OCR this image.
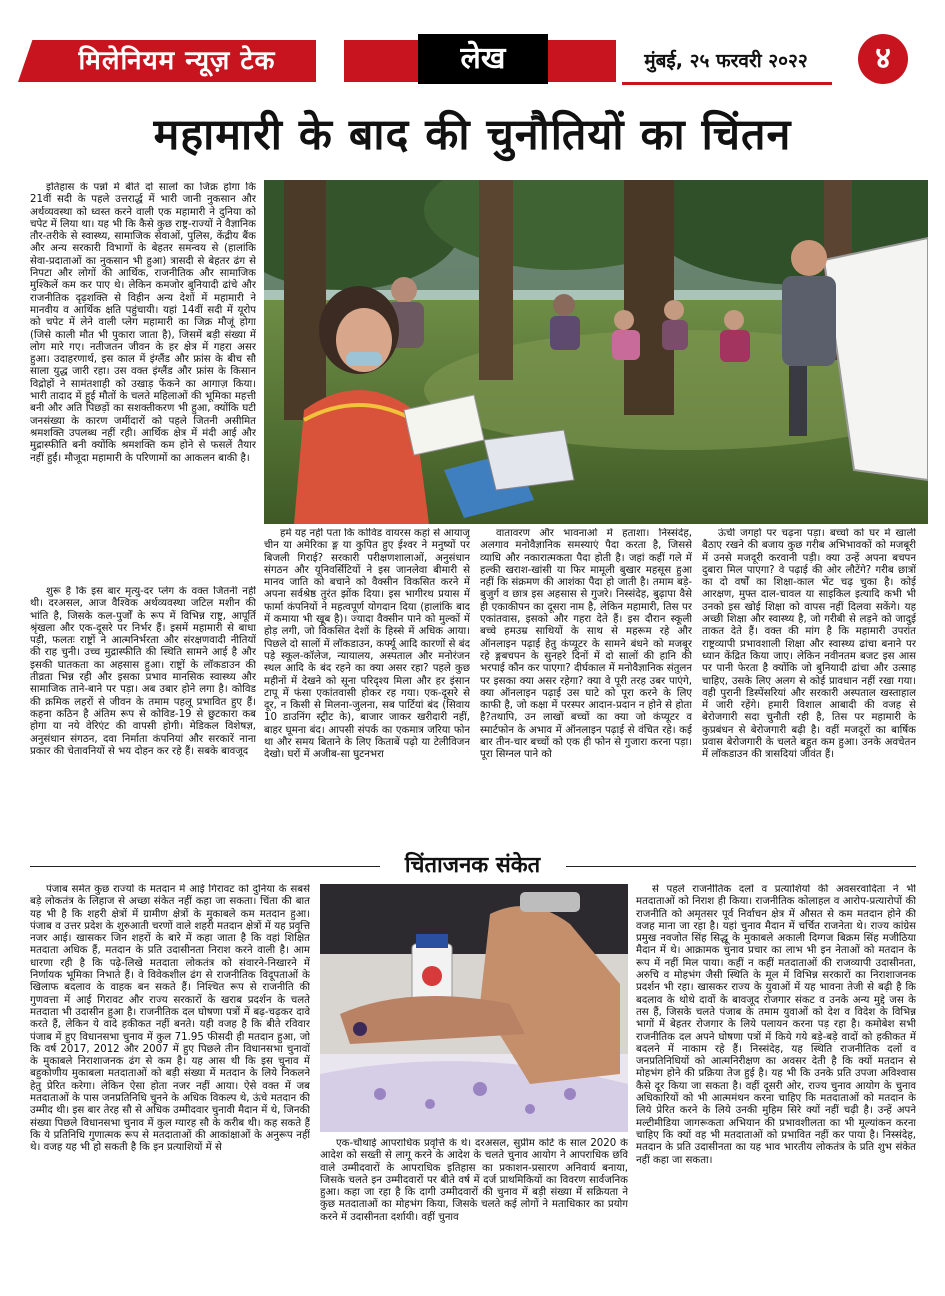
मिलेनियम न्यूज़ टेक	लेख	मुंबई, २५ फरवरी २०२२	४
महामारी के बाद की चुनौतियों का चिंतन

इतिहास के पन्नों में बीते दो सालों का जिक्र होगा कि 21वीं सदी के पहले उत्तरार्द्ध में भारी जानी नुकसान और अर्थव्यवस्था को ध्वस्त करने वाली एक महामारी ने दुनिया को चपेट में लिया था। यह भी कि कैसे कुछ राष्ट्र-राज्यों ने वैज्ञानिक तौर-तरीके से स्वास्थ्य, सामाजिक सेवाओं, पुलिस, केंद्रीय बैंक और अन्य सरकारी विभागों के बेहतर समन्वय से (हालांकि सेवा-प्रदाताओं का नुकसान भी हुआ) त्रासदी से बेहतर ढंग से निपटा और लोगों की आर्थिक, राजनीतिक और सामाजिक मुश्किलें कम कर पाए थे। लेकिन कमजोर बुनियादी ढांचे और राजनीतिक दृढ़शक्ति से विहीन अन्य देशों में महामारी ने मानवीय व आर्थिक क्षति पहुंचायी। यहां 14वीं सदी में यूरोप को चपेट में लेने वाली प्लेग महामारी का जिक्र मौजूं होगा (जिसे काली मौत भी पुकारा जाता है), जिसमें बड़ी संख्या में लोग मारे गए। नतीजतन जीवन के हर क्षेत्र में गहरा असर हुआ। उदाहरणार्थ, इस काल में इंग्लैंड और फ्रांस के बीच सौ साला युद्ध जारी रहा। उस वक्त इंग्लैंड और फ्रांस के किसान विद्रोहों ने सामंतशाही को उखाड़ फेंकने का आगाज़ किया। भारी तादाद में हुई मौतों के चलते महिलाओं की भूमिका महत्ती बनी और अति पिछड़ों का सशक्तीकरण भी हुआ, क्योंकि घटी जनसंख्या के कारण जमींदारों को पहले जितनी असीमित श्रमशक्ति उपलब्ध नहीं रही। आर्थिक क्षेत्र में मंदी आई और मुद्रास्फीति बनी क्योंकि श्रमशक्ति कम होने से फसलें तैयार नहीं हुईं। मौजूदा महामारी के परिणामों का आकलन बाकी है।

शुरू है कि इस बार मृत्यु-दर प्लेग के वक्त जितनी नहीं थी। दरअसल, आज वैश्विक अर्थव्यवस्था जटिल मशीन की भांति है, जिसके कल-पुर्जों के रूप में विभिन्न राष्ट्र, आपूर्ति श्रृंखला और एक-दूसरे पर निर्भर हैं। इसमें महामारी से बाधा पड़ी, फलतः राष्ट्रों ने आत्मनिर्भरता और संरक्षणवादी नीतियों की राह चुनी। उच्च मुद्रास्फीति की स्थिति सामने आई है और इसकी घातकता का अहसास हुआ। राष्ट्रों के लॉकडाउन की तीव्रता भिन्न रही और इसका प्रभाव मानसिक स्वास्थ्य और सामाजिक ताने-बाने पर पड़ा। अब उबार होने लगा है। कोविड की क्रमिक लहरों से जीवन के तमाम पहलू प्रभावित हुए हैं। कहना कठिन है अंतिम रूप से कोविड-19 से छुटकारा कब होगा या नये वेरिएंट की वापसी होगी। मेडिकल विशेषज्ञ, अनुसंधान संगठन, दवा निर्माता कंपनियां और सरकारें नाना प्रकार की चेतावनियों से भय दोहन कर रहे हैं। सबके बावजूद

हमें यह नहीं पता कि कोविड वायरस कहां से आयाजू चीन या अमेरिका ङ्ग या कुपित हुए ईश्वर ने मनुष्यों पर बिजली गिराई? सरकारी परीक्षणशालाओं, अनुसंधान संगठन और यूनिवर्सिटियों ने इस जानलेवा बीमारी से मानव जाति को बचाने को वैक्सीन विकसित करने में अपना सर्वश्रेष्ठ तुरंत झोंक दिया। इस भागीरथ प्रयास में फार्मा कंपनियों ने महत्वपूर्ण योगदान दिया (हालांकि बाद में कमाया भी खूब है)। ज्यादा वैक्सीन पाने को मुल्कों में होड़ लगी, जो विकसित देशों के हिस्से में अधिक आया। पिछले दो सालों में लॉकडाउन, कर्फ्यू आदि कारणों से बंद पड़े स्कूल-कॉलेज, न्यायालय, अस्पताल और मनोरंजन स्थल आदि के बंद रहने का क्या असर रहा? पहले कुछ महीनों में देखने को सूना परिदृश्य मिला और हर इंसान टापू में फंसा एकांतवासी होकर रह गया। एक-दूसरे से दूर, न किसी से मिलना-जुलना, सब पार्टियां बंद (सिवाय 10 डाउनिंग स्ट्रीट के), बाजार जाकर खरीदारी नहीं, बाहर घूमना बंद। आपसी संपर्क का एकमात्र जरिया फोन था और समय बिताने के लिए किताबें पढ़ो या टेलीविजन देखो। घरों में अजीब-सा घुटनभरा

वातावरण और भावनाओं में हताशा। निस्संदेह, अलगाव मनोवैज्ञानिक समस्याएं पैदा करता है, जिससे व्याधि और नकारात्मकता पैदा होती है। जहां कहीं गले में हल्की खराश-खांसी या फिर मामूली बुखार महसूस हुआ नहीं कि संक्रमण की आशंका पैदा हो जाती है। तमाम बड़े-बुजुर्ग व छात्र इस अहसास से गुजरे। निस्संदेह, बुढ़ापा वैसे ही एकाकीपन का दूसरा नाम है, लेकिन महामारी, तिस पर एकांतवास, इसको और गहरा देते हैं। इस दौरान स्कूली बच्चे हमउम्र साथियों के साथ से महरूम रहे और ऑनलाइन पढ़ाई हेतु कंप्यूटर के सामने बंधने को मजबूर रहे ङ्गबचपन के सुनहरे दिनों में दो सालों की हानि की भरपाई कौन कर पाएगा? दीर्घकाल में मनोवैज्ञानिक संतुलन पर इसका क्या असर रहेगा? क्या वे पूरी तरह उबर पाएंगे, क्या ऑनलाइन पढ़ाई उस घाटे को पूरा करने के लिए काफी है, जो कक्षा में परस्पर आदान-प्रदान न होने से होता है?तथापि, उन लाखों बच्चों का क्या जो कंप्यूटर व स्मार्टफोन के अभाव में ऑनलाइन पढ़ाई से वंचित रहे। कई बार तीन-चार बच्चों को एक ही फोन से गुजारा करना पड़ा। पूरा सिग्नल पाने को

ऊंची जगहों पर चढ़ना पड़ा। बच्चों को घर में खाली बैठाए रखने की बजाय कुछ गरीब अभिभावकों को मजबूरी में उनसे मजदूरी करवानी पड़ी। क्या उन्हें अपना बचपन दुबारा मिल पाएगा? वे पढ़ाई की ओर लौटेंगे? गरीब छात्रों का दो वर्षों का शिक्षा-काल भेंट चढ़ चुका है। कोई आरक्षण, मुफ्त दाल-चावल या साइकिल इत्यादि कभी भी उनको इस खोई शिक्षा को वापस नहीं दिलवा सकेंगे। यह अच्छी शिक्षा और स्वास्थ्य है, जो गरीबी से लड़ने को जादुई ताकत देते हैं। वक्त की मांग है कि महामारी उपरांत राष्ट्रव्यापी प्रभावशाली शिक्षा और स्वास्थ्य ढांचा बनाने पर ध्यान केंद्रित किया जाए। लेकिन नवीनतम बजट इस आस पर पानी फेरता है क्योंकि जो बुनियादी ढांचा और उत्साह चाहिए, उसके लिए अलग से कोई प्रावधान नहीं रखा गया। वही पुरानी डिस्पेंसरियां और सरकारी अस्पताल खस्ताहाल में जारी रहेंगे। हमारी विशाल आबादी की वजह से बेरोजगारी सदा चुनौती रही है, तिस पर महामारी के कुप्रबंधन से बेरोजगारी बढ़ी है। वहीं मजदूरों का बार्षिक प्रवास बेरोजगारी के चलते बहुत कम हुआ। उनके अवचेतन में लॉकडाउन की त्रासदियां जीवंत हैं।

चिंताजनक संकेत

पंजाब समेत कुछ राज्यों के मतदान में आई गिरावट को दुनिया के सबसे बड़े लोकतंत्र के लिहाज से अच्छा संकेत नहीं कहा जा सकता। चिंता की बात यह भी है कि शहरी क्षेत्रों में ग्रामीण क्षेत्रों के मुकाबले कम मतदान हुआ। पंजाब व उत्तर प्रदेश के शुरुआती चरणों वाले शहरी मतदान क्षेत्रों में यह प्रवृत्ति नजर आई। खासकर जिन शहरों के बारे में कहा जाता है कि वहां शिक्षित मतदाता अधिक हैं, मतदान के प्रति उदासीनता निराश करने वाली है। आम धारणा रही है कि पढ़े-लिखे मतदाता लोकतंत्र को संवारने-निखारने में निर्णायक भूमिका निभाते हैं। वे विवेकशील ढंग से राजनीतिक विदूपताओं के खिलाफ बदलाव के वाहक बन सकते हैं। निश्चित रूप से राजनीति की गुणवत्ता में आई गिरावट और राज्य सरकारों के खराब प्रदर्शन के चलते मतदाता भी उदासीन हुआ है। राजनीतिक दल घोषणा पत्रों में बढ़-चढ़कर दावे करते हैं, लेकिन ये वादे हकीकत नहीं बनते। यही वजह है कि बीते रविवार पंजाब में हुए विधानसभा चुनाव में कुल 71.95 फीसदी ही मतदान हुआ, जो कि वर्ष 2017, 2012 और 2007 में हुए पिछले तीन विधानसभा चुनावों के मुकाबले निराशाजनक ढंग से कम है। यह आस थी कि इस चुनाव में बहुकोणीय मुकाबला मतदाताओं को बड़ी संख्या में मतदान के लिये निकलने हेतु प्रेरित करेगा। लेकिन ऐसा होता नजर नहीं आया। ऐसे वक्त में जब मतदाताओं के पास जनप्रतिनिधि चुनने के अधिक विकल्प थे, ऊंचे मतदान की उम्मीद थी। इस बार तेरह सौ से अधिक उम्मीदवार चुनावी मैदान में थे, जिनकी संख्या पिछले विधानसभा चुनाव में कुल ग्यारह सौ के करीब थी। कह सकते हैं कि ये प्रतिनिधि गुणात्मक रूप से मतदाताओं की आकांक्षाओं के अनुरूप नहीं थे। वजह यह भी हो सकती है कि इन प्रत्याशियों में से	एक-चौथाई आपराधिक प्रवृत्ति के थे। दरअसल, सुप्रीम कोर्ट के साल 2020 के आदेश को सख्ती से लागू करने के आदेश के चलते चुनाव आयोग ने आपराधिक छवि वाले उम्मीदवारों के आपराधिक इतिहास का प्रकाशन-प्रसारण अनिवार्य बनाया, जिसके चलते इन उम्मीदवारों पर बीते वर्ष में दर्ज प्राथमिकियों का विवरण सार्वजनिक हुआ। कहा जा रहा है कि दागी उम्मीदवारों की चुनाव में बड़ी संख्या में सक्रियता ने कुछ मतदाताओं का मोहभंग किया, जिसके चलते कई लोगों ने मताधिकार का प्रयोग करने में उदासीनता दर्शायी। वहीं चुनाव

से पहले राजनीतिक दलों व प्रत्याशियों की अवसरवादिता ने भी मतदाताओं को निराश ही किया। राजनीतिक कोलाहल व आरोप-प्रत्यारोपों की राजनीति को अमृतसर पूर्व निर्वाचन क्षेत्र में औसत से कम मतदान होने की वजह माना जा रहा है। यहां चुनाव मैदान में चर्चित राजनेता थे। राज्य कांग्रेस प्रमुख नवजोत सिंह सिद्धू के मुकाबले अकाली दिग्गज बिक्रम सिंह मजीठिया मैदान में थे। आक्रामक चुनाव प्रचार का लाभ भी इन नेताओं को मतदान के रूप में नहीं मिल पाया। कहीं न कहीं मतदाताओं की राजव्यापी उदासीनता, अरुचि व मोहभंग जैसी स्थिति के मूल में विभिन्न सरकारों का निराशाजनक प्रदर्शन भी रहा। खासकर राज्य के युवाओं में यह भावना तेजी से बढ़ी है कि बदलाव के थोथे दावों के बावजूद रोजगार संकट व उनके अन्य मुद्दे जस के तस हैं, जिसके चलते पंजाब के तमाम युवाओं को देश व विदेश के विभिन्न भागों में बेहतर रोजगार के लिये पलायन करना पड़ रहा है। कमोबेश सभी राजनीतिक दल अपने घोषणा पत्रों में किये गये बड़े-बड़े वादों को हकीकत में बदलने में नाकाम रहे हैं। निस्संदेह, यह स्थिति राजनीतिक दलों व जनप्रतिनिधियों को आत्मनिरीक्षण का अवसर देती है कि क्यों मतदान से मोहभंग होने की प्रक्रिया तेज हुई है। यह भी कि उनके प्रति उपजा अविश्वास कैसे दूर किया जा सकता है। वहीं दूसरी ओर, राज्य चुनाव आयोग के चुनाव अधिकारियों को भी आत्ममंथन करना चाहिए कि मतदाताओं को मतदान के लिये प्रेरित करने के लिये उनकी मुहिम सिरे क्यों नहीं चढ़ी है। उन्हें अपने मल्टीमीडिया जागरूकता अभियान की प्रभावशीलता का भी मूल्यांकन करना चाहिए कि क्यों वह भी मतदाताओं को प्रभावित नहीं कर पाया है। निस्संदेह, मतदान के प्रति उदासीनता का यह भाव भारतीय लोकतंत्र के प्रति शुभ संकेत नहीं कहा जा सकता।
